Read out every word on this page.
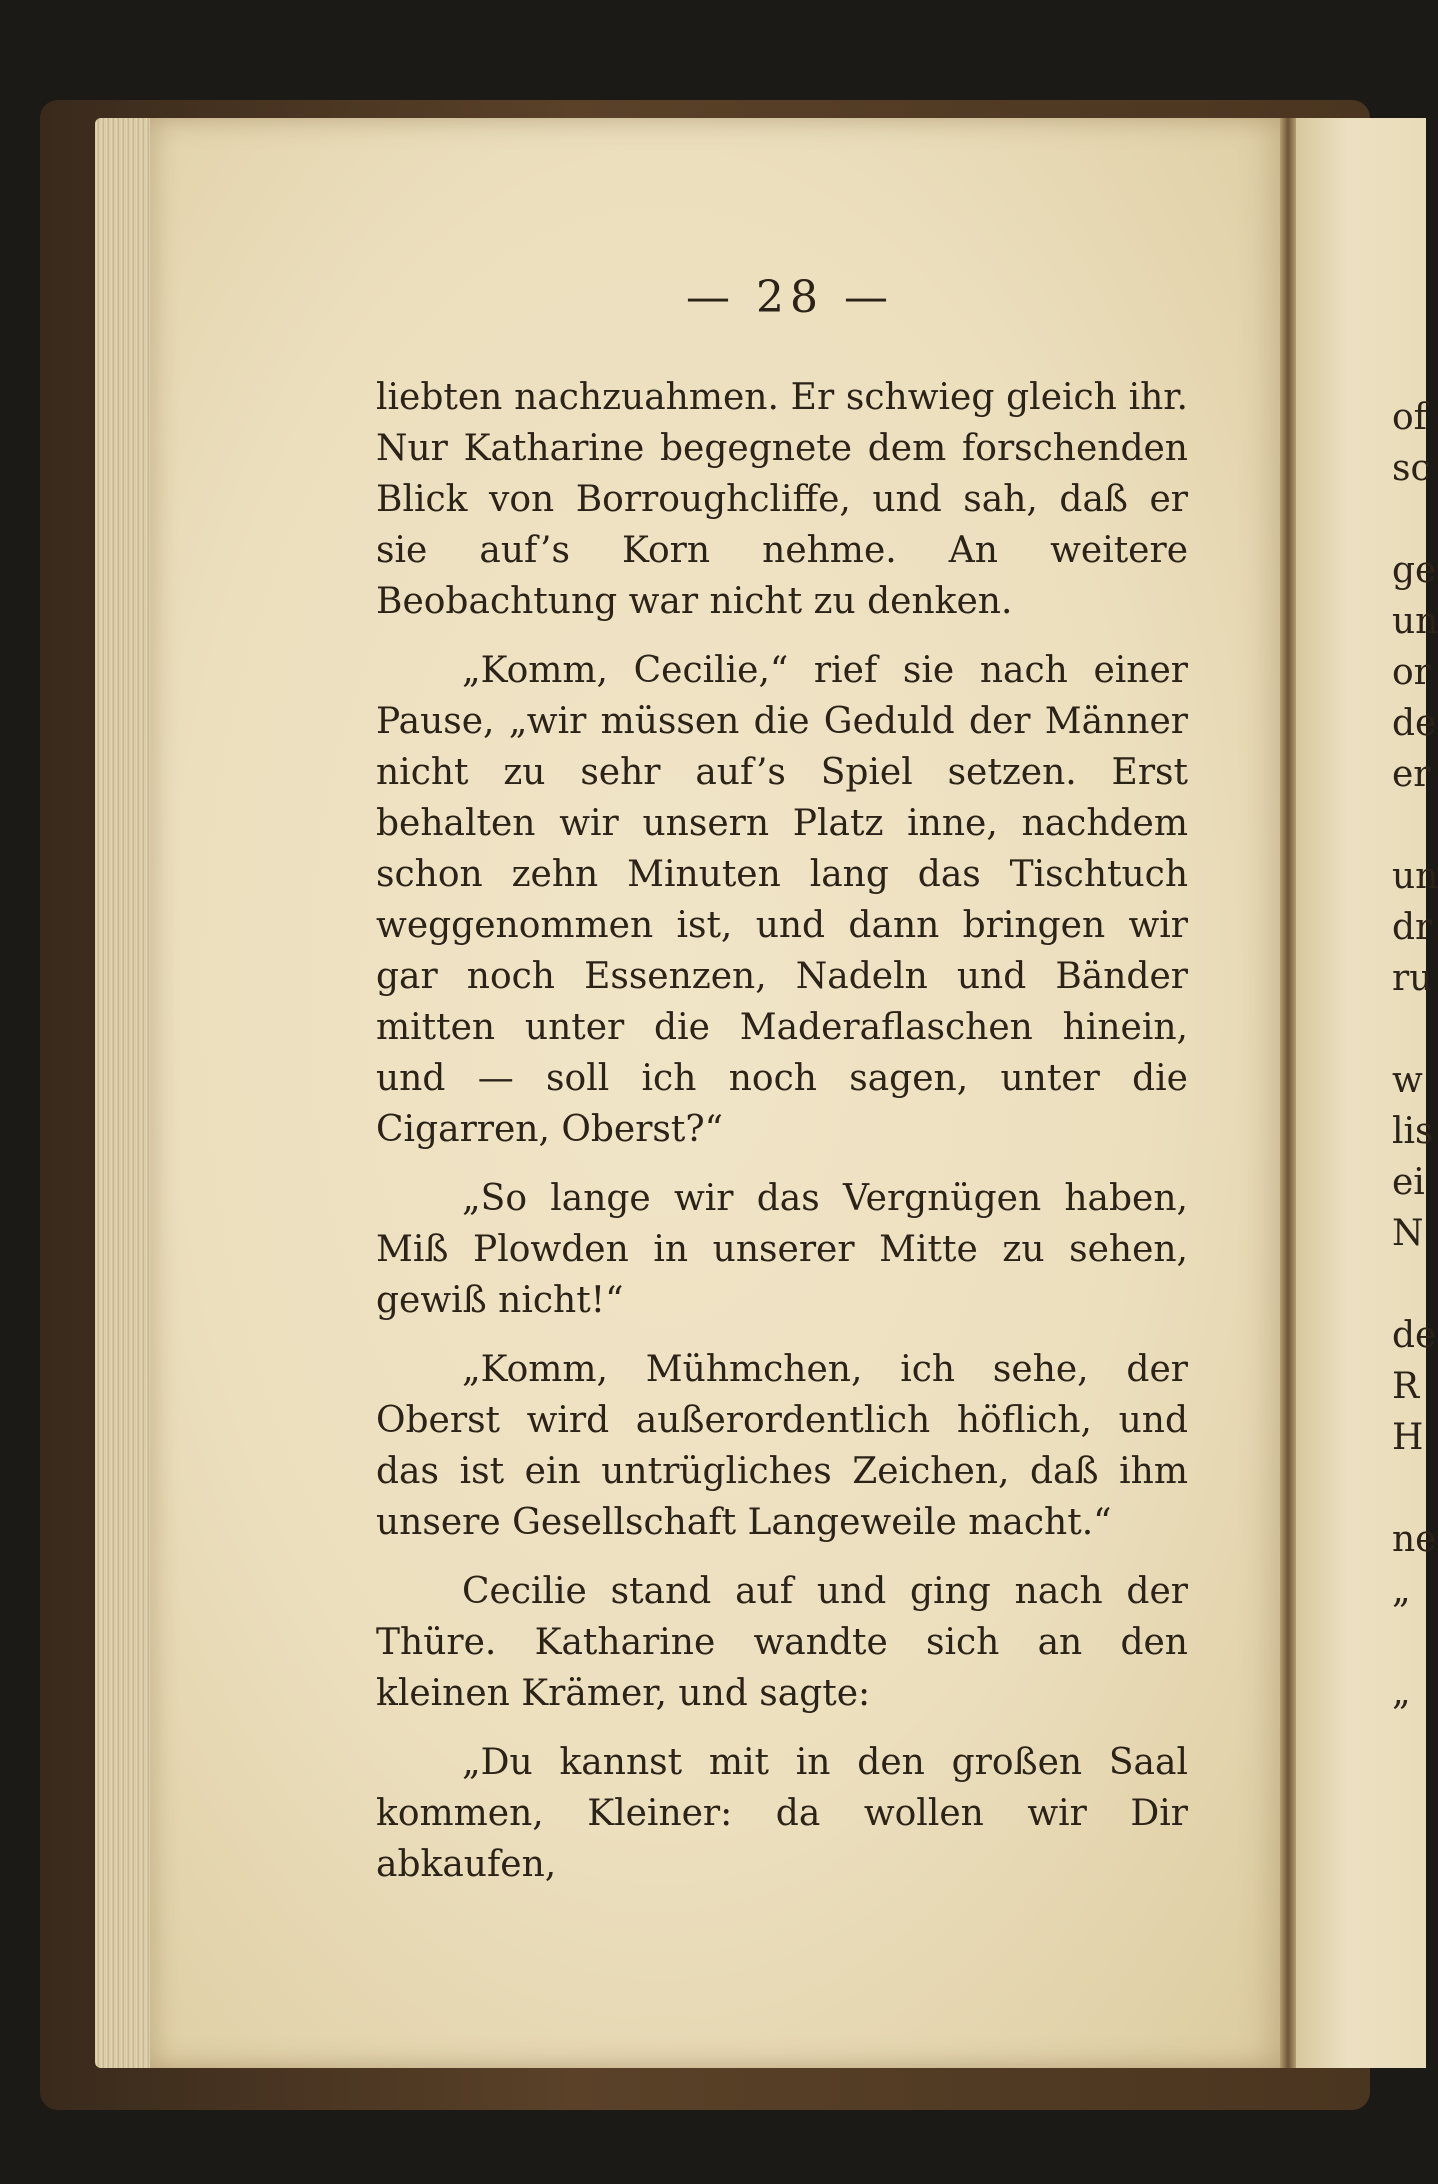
— 28 —

liebten nachzuahmen. Er schwieg gleich ihr. Nur Katharine begegnete dem forschenden Blick von Borroughcliffe, und sah, daß er sie auf’s Korn nehme. An weitere Beobachtung war nicht zu denken.

„Komm, Cecilie,“ rief sie nach einer Pause, „wir müssen die Geduld der Männer nicht zu sehr auf’s Spiel setzen. Erst behalten wir unsern Platz inne, nachdem schon zehn Minuten lang das Tischtuch weggenommen ist, und dann bringen wir gar noch Essenzen, Nadeln und Bänder mitten unter die Maderaflaschen hinein, und — soll ich noch sagen, unter die Cigarren, Oberst?“

„So lange wir das Vergnügen haben, Miß Plowden in unserer Mitte zu sehen, gewiß nicht!“

„Komm, Mühmchen, ich sehe, der Oberst wird außerordentlich höflich, und das ist ein untrügliches Zeichen, daß ihm unsere Gesellschaft Langeweile macht.“

Cecilie stand auf und ging nach der Thüre. Katharine wandte sich an den kleinen Krämer, und sagte:

„Du kannst mit in den großen Saal kommen, Kleiner: da wollen wir Dir abkaufen,

of
sc

ge
un
or
de
er

un
dr
ru

w
lis
ei
N

de
R
H

ne
„

„
